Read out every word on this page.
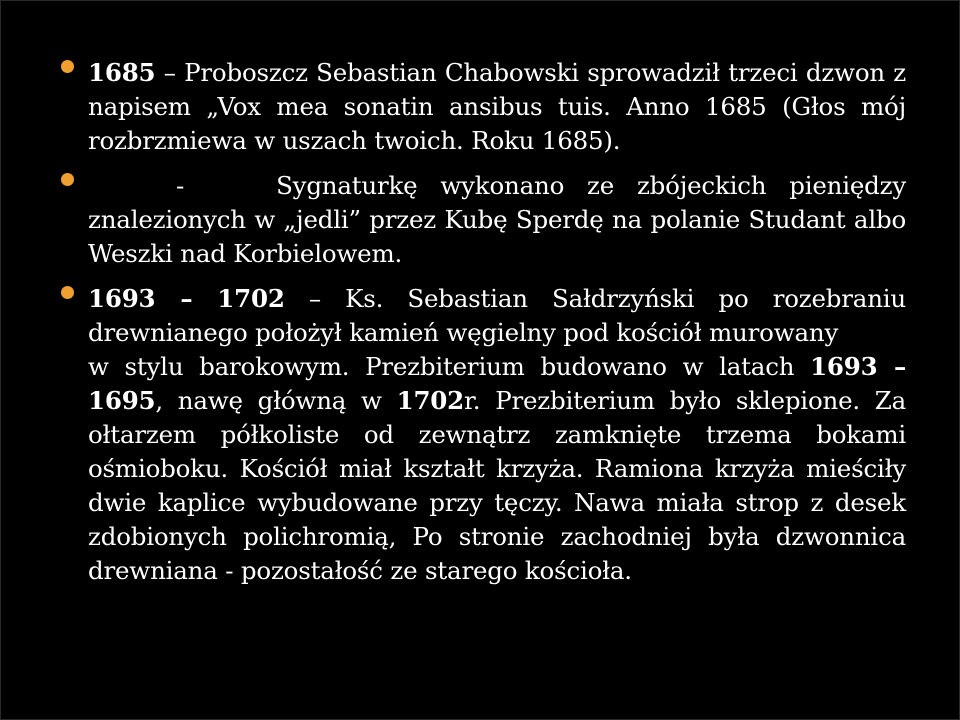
1685 – Proboszcz Sebastian Chabowski sprowadził trzeci dzwon z napisem „Vox mea sonatin ansibus tuis. Anno 1685 (Głos mój rozbrzmiewa w uszach twoich. Roku 1685).
-	Sygnaturkę wykonano ze zbójeckich pieniędzy znalezionych w „jedli” przez Kubę Sperdę na polanie Studant albo Weszki nad Korbielowem.
1693 – 1702 – Ks. Sebastian Sałdrzyński po rozebraniu drewnianego położył kamień węgielny pod kościół murowany
w stylu barokowym. Prezbiterium budowano w latach 1693 – 1695, nawę główną w 1702r. Prezbiterium było sklepione. Za ołtarzem półkoliste od zewnątrz zamknięte trzema bokami ośmioboku. Kościół miał kształt krzyża. Ramiona krzyża mieściły dwie kaplice wybudowane przy tęczy. Nawa miała strop z desek zdobionych polichromią, Po stronie zachodniej była dzwonnica drewniana - pozostałość ze starego kościoła.
